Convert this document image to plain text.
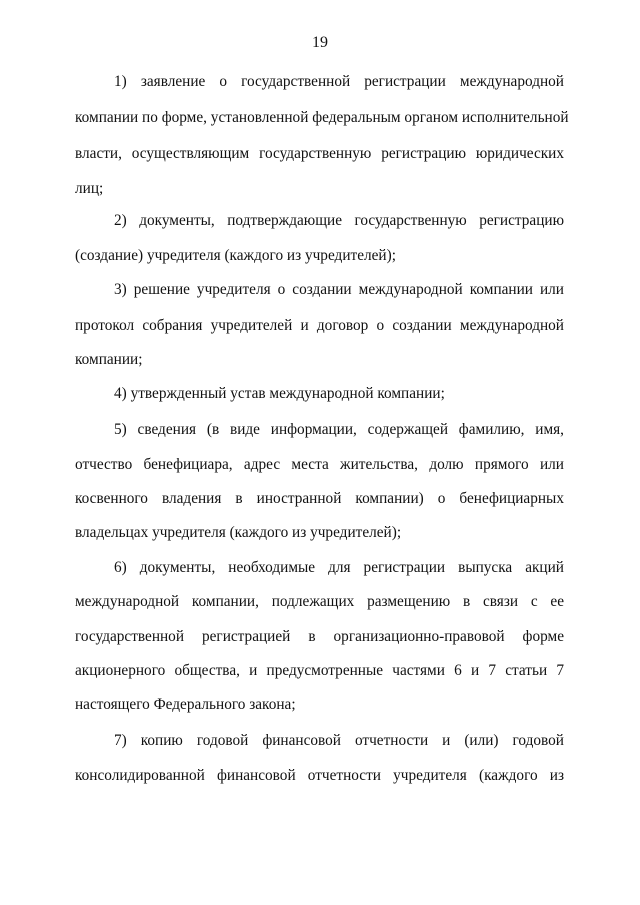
19
1) заявление о государственной регистрации международной
компании по форме, установленной федеральным органом исполнительной
власти, осуществляющим государственную регистрацию юридических
лиц;
2) документы, подтверждающие государственную регистрацию
(создание) учредителя (каждого из учредителей);
3) решение учредителя о создании международной компании или
протокол собрания учредителей и договор о создании международной
компании;
4) утвержденный устав международной компании;
5) сведения (в виде информации, содержащей фамилию, имя,
отчество бенефициара, адрес места жительства, долю прямого или
косвенного владения в иностранной компании) о бенефициарных
владельцах учредителя (каждого из учредителей);
6) документы, необходимые для регистрации выпуска акций
международной компании, подлежащих размещению в связи с ее
государственной регистрацией в организационно-правовой форме
акционерного общества, и предусмотренные частями 6 и 7 статьи 7
настоящего Федерального закона;
7) копию годовой финансовой отчетности и (или) годовой
консолидированной финансовой отчетности учредителя (каждого из
